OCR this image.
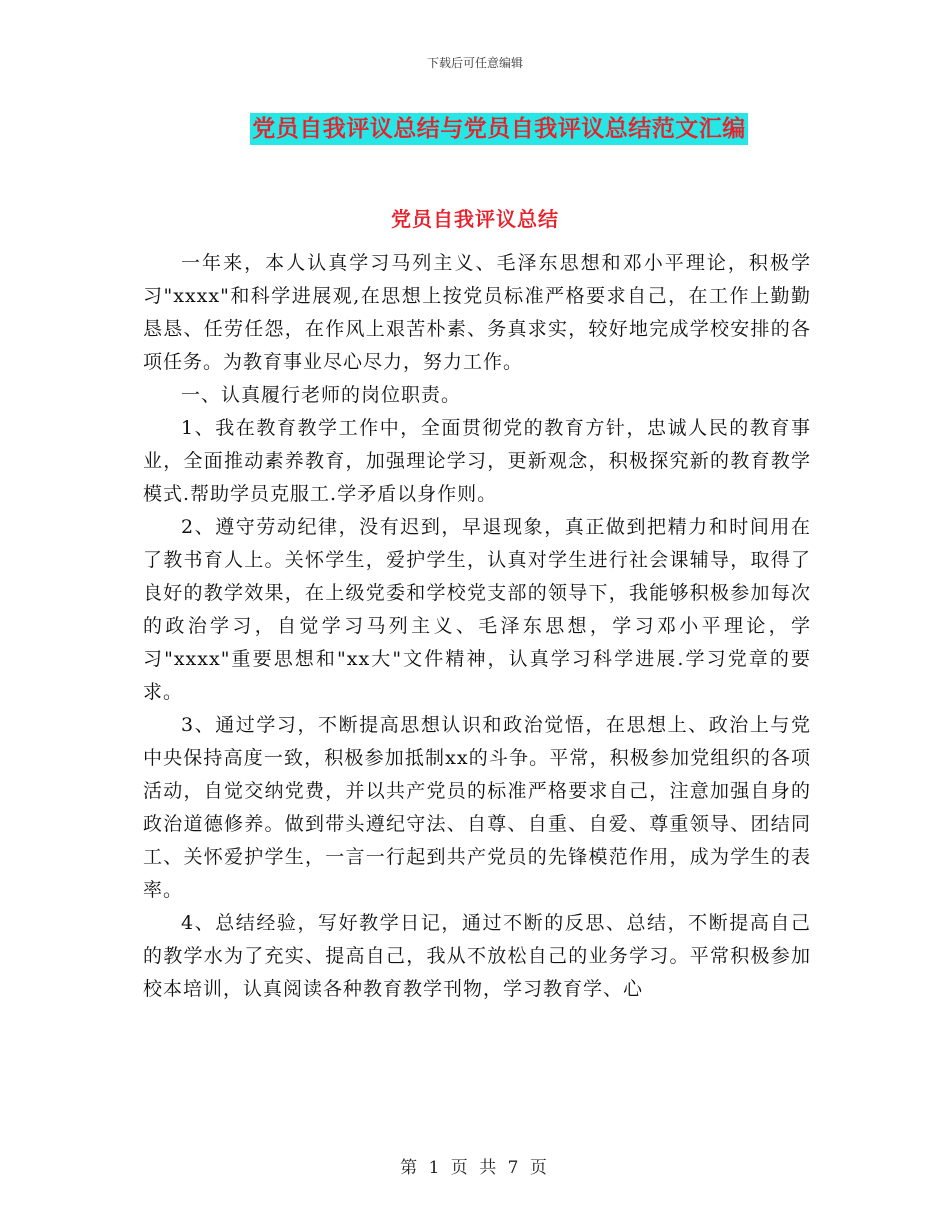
下载后可任意编辑
党员自我评议总结与党员自我评议总结范文汇编
党员自我评议总结

一年来，本人认真学习马列主义、毛泽东思想和邓小平理论，积极学习"xxxx"和科学进展观,在思想上按党员标准严格要求自己，在工作上勤勤恳恳、任劳任怨，在作风上艰苦朴素、务真求实，较好地完成学校安排的各项任务。为教育事业尽心尽力，努力工作。

一、认真履行老师的岗位职责。

1、我在教育教学工作中，全面贯彻党的教育方针，忠诚人民的教育事业，全面推动素养教育，加强理论学习，更新观念，积极探究新的教育教学模式.帮助学员克服工.学矛盾以身作则。

2、遵守劳动纪律，没有迟到，早退现象，真正做到把精力和时间用在了教书育人上。关怀学生，爱护学生，认真对学生进行社会课辅导，取得了良好的教学效果，在上级党委和学校党支部的领导下，我能够积极参加每次的政治学习，自觉学习马列主义、毛泽东思想，学习邓小平理论，学习"xxxx"重要思想和"xx大"文件精神，认真学习科学进展.学习党章的要求。

3、通过学习，不断提高思想认识和政治觉悟，在思想上、政治上与党中央保持高度一致，积极参加抵制xx的斗争。平常，积极参加党组织的各项活动，自觉交纳党费，并以共产党员的标准严格要求自己，注意加强自身的政治道德修养。做到带头遵纪守法、自尊、自重、自爱、尊重领导、团结同工、关怀爱护学生，一言一行起到共产党员的先锋模范作用，成为学生的表率。

4、总结经验，写好教学日记，通过不断的反思、总结，不断提高自己的教学水为了充实、提高自己，我从不放松自己的业务学习。平常积极参加校本培训，认真阅读各种教育教学刊物，学习教育学、心

第 1 页 共 7 页
